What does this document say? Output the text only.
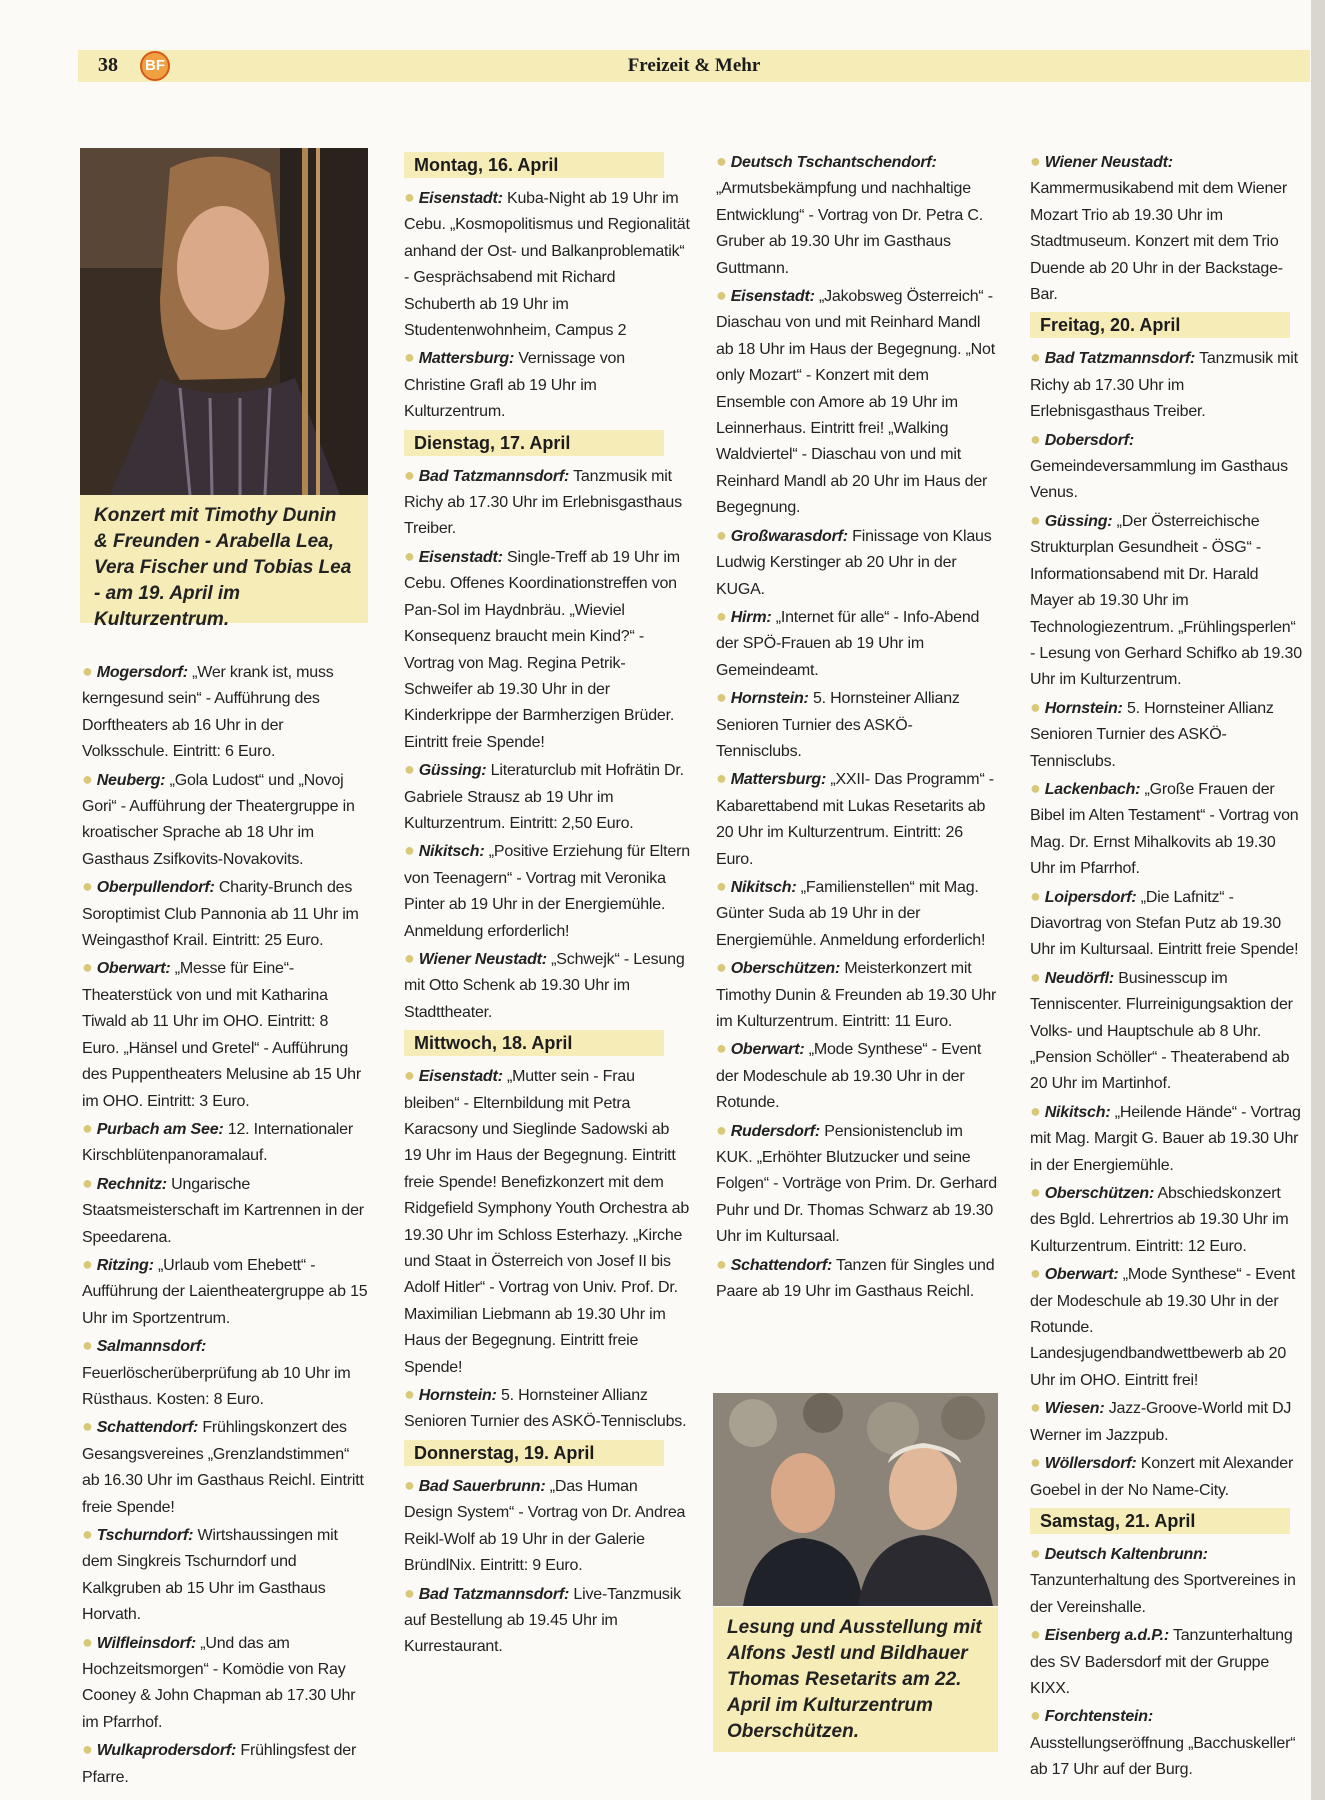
38	BF	Freizeit & Mehr
Konzert mit Timothy Dunin & Freunden - Arabella Lea, Vera Fischer und Tobias Lea - am 19. April im Kulturzentrum.
Lesung und Ausstellung mit Alfons Jestl und Bildhauer Thomas Resetarits am 22. April im Kulturzentrum Oberschützen.
● Mogersdorf: „Wer krank ist, muss kerngesund sein“ - Aufführung des Dorftheaters ab 16 Uhr in der Volksschule. Eintritt: 6 Euro.
● Neuberg: „Gola Ludost“ und „Novoj Gori“ - Aufführung der Theatergruppe in kroatischer Sprache ab 18 Uhr im Gasthaus Zsifkovits-Novakovits.
● Oberpullendorf: Charity-Brunch des Soroptimist Club Pannonia ab 11 Uhr im Weingasthof Krail. Eintritt: 25 Euro.
● Oberwart: „Messe für Eine“- Theaterstück von und mit Katharina Tiwald ab 11 Uhr im OHO. Eintritt: 8 Euro. „Hänsel und Gretel“ - Aufführung des Puppentheaters Melusine ab 15 Uhr im OHO. Eintritt: 3 Euro.
● Purbach am See: 12. Internationaler Kirschblütenpanoramalauf.
● Rechnitz: Ungarische Staatsmeisterschaft im Kartrennen in der Speedarena.
● Ritzing: „Urlaub vom Ehebett“ - Aufführung der Laientheatergruppe ab 15 Uhr im Sportzentrum.
● Salmannsdorf: Feuerlöscherüberprüfung ab 10 Uhr im Rüsthaus. Kosten: 8 Euro.
● Schattendorf: Frühlingskonzert des Gesangsvereines „Grenzlandstimmen“ ab 16.30 Uhr im Gasthaus Reichl. Eintritt freie Spende!
● Tschurndorf: Wirtshaussingen mit dem Singkreis Tschurndorf und Kalkgruben ab 15 Uhr im Gasthaus Horvath.
● Wilfleinsdorf: „Und das am Hochzeitsmorgen“ - Komödie von Ray Cooney & John Chapman ab 17.30 Uhr im Pfarrhof.
● Wulkaprodersdorf: Frühlingsfest der Pfarre.
Montag, 16. April
● Eisenstadt: Kuba-Night ab 19 Uhr im Cebu. „Kosmopolitismus und Regionalität anhand der Ost- und Balkanproblematik“ - Gesprächsabend mit Richard Schuberth ab 19 Uhr im Studentenwohnheim, Campus 2
● Mattersburg: Vernissage von Christine Grafl ab 19 Uhr im Kulturzentrum.
Dienstag, 17. April
● Bad Tatzmannsdorf: Tanzmusik mit Richy ab 17.30 Uhr im Erlebnisgasthaus Treiber.
● Eisenstadt: Single-Treff ab 19 Uhr im Cebu. Offenes Koordinationstreffen von Pan-Sol im Haydnbräu. „Wieviel Konsequenz braucht mein Kind?“ - Vortrag von Mag. Regina Petrik-Schweifer ab 19.30 Uhr in der Kinderkrippe der Barmherzigen Brüder. Eintritt freie Spende!
● Güssing: Literaturclub mit Hofrätin Dr. Gabriele Strausz ab 19 Uhr im Kulturzentrum. Eintritt: 2,50 Euro.
● Nikitsch: „Positive Erziehung für Eltern von Teenagern“ - Vortrag mit Veronika Pinter ab 19 Uhr in der Energiemühle. Anmeldung erforderlich!
● Wiener Neustadt: „Schwejk“ - Lesung mit Otto Schenk ab 19.30 Uhr im Stadttheater.
Mittwoch, 18. April
● Eisenstadt: „Mutter sein - Frau bleiben“ - Elternbildung mit Petra Karacsony und Sieglinde Sadowski ab 19 Uhr im Haus der Begegnung. Eintritt freie Spende! Benefizkonzert mit dem Ridgefield Symphony Youth Orchestra ab 19.30 Uhr im Schloss Esterhazy. „Kirche und Staat in Österreich von Josef II bis Adolf Hitler“ - Vortrag von Univ. Prof. Dr. Maximilian Liebmann ab 19.30 Uhr im Haus der Begegnung. Eintritt freie Spende!
● Hornstein: 5. Hornsteiner Allianz Senioren Turnier des ASKÖ-Tennisclubs.
Donnerstag, 19. April
● Bad Sauerbrunn: „Das Human Design System“ - Vortrag von Dr. Andrea Reikl-Wolf ab 19 Uhr in der Galerie BründlNix. Eintritt: 9 Euro.
● Bad Tatzmannsdorf: Live-Tanzmusik auf Bestellung ab 19.45 Uhr im Kurrestaurant.
● Deutsch Tschantschendorf: „Armutsbekämpfung und nachhaltige Entwicklung“ - Vortrag von Dr. Petra C. Gruber ab 19.30 Uhr im Gasthaus Guttmann.
● Eisenstadt: „Jakobsweg Österreich“ - Diaschau von und mit Reinhard Mandl ab 18 Uhr im Haus der Begegnung. „Not only Mozart“ - Konzert mit dem Ensemble con Amore ab 19 Uhr im Leinnerhaus. Eintritt frei! „Walking Waldviertel“ - Diaschau von und mit Reinhard Mandl ab 20 Uhr im Haus der Begegnung.
● Großwarasdorf: Finissage von Klaus Ludwig Kerstinger ab 20 Uhr in der KUGA.
● Hirm: „Internet für alle“ - Info-Abend der SPÖ-Frauen ab 19 Uhr im Gemeindeamt.
● Hornstein: 5. Hornsteiner Allianz Senioren Turnier des ASKÖ-Tennisclubs.
● Mattersburg: „XXII- Das Programm“ - Kabarettabend mit Lukas Resetarits ab 20 Uhr im Kulturzentrum. Eintritt: 26 Euro.
● Nikitsch: „Familienstellen“ mit Mag. Günter Suda ab 19 Uhr in der Energiemühle. Anmeldung erforderlich!
● Oberschützen: Meisterkonzert mit Timothy Dunin & Freunden ab 19.30 Uhr im Kulturzentrum. Eintritt: 11 Euro.
● Oberwart: „Mode Synthese“ - Event der Modeschule ab 19.30 Uhr in der Rotunde.
● Rudersdorf: Pensionistenclub im KUK. „Erhöhter Blutzucker und seine Folgen“ - Vorträge von Prim. Dr. Gerhard Puhr und Dr. Thomas Schwarz ab 19.30 Uhr im Kultursaal.
● Schattendorf: Tanzen für Singles und Paare ab 19 Uhr im Gasthaus Reichl.
● Wiener Neustadt: Kammermusikabend mit dem Wiener Mozart Trio ab 19.30 Uhr im Stadtmuseum. Konzert mit dem Trio Duende ab 20 Uhr in der Backstage-Bar.
Freitag, 20. April
● Bad Tatzmannsdorf: Tanzmusik mit Richy ab 17.30 Uhr im Erlebnisgasthaus Treiber.
● Dobersdorf: Gemeindeversammlung im Gasthaus Venus.
● Güssing: „Der Österreichische Strukturplan Gesundheit - ÖSG“ - Informationsabend mit Dr. Harald Mayer ab 19.30 Uhr im Technologiezentrum. „Frühlingsperlen“ - Lesung von Gerhard Schifko ab 19.30 Uhr im Kulturzentrum.
● Hornstein: 5. Hornsteiner Allianz Senioren Turnier des ASKÖ-Tennisclubs.
● Lackenbach: „Große Frauen der Bibel im Alten Testament“ - Vortrag von Mag. Dr. Ernst Mihalkovits ab 19.30 Uhr im Pfarrhof.
● Loipersdorf: „Die Lafnitz“ - Diavortrag von Stefan Putz ab 19.30 Uhr im Kultursaal. Eintritt freie Spende!
● Neudörfl: Businesscup im Tenniscenter. Flurreinigungsaktion der Volks- und Hauptschule ab 8 Uhr. „Pension Schöller“ - Theaterabend ab 20 Uhr im Martinhof.
● Nikitsch: „Heilende Hände“ - Vortrag mit Mag. Margit G. Bauer ab 19.30 Uhr in der Energiemühle.
● Oberschützen: Abschiedskonzert des Bgld. Lehrertrios ab 19.30 Uhr im Kulturzentrum. Eintritt: 12 Euro.
● Oberwart: „Mode Synthese“ - Event der Modeschule ab 19.30 Uhr in der Rotunde. Landesjugendbandwettbewerb ab 20 Uhr im OHO. Eintritt frei!
● Wiesen: Jazz-Groove-World mit DJ Werner im Jazzpub.
● Wöllersdorf: Konzert mit Alexander Goebel in der No Name-City.
Samstag, 21. April
● Deutsch Kaltenbrunn: Tanzunterhaltung des Sportvereines in der Vereinshalle.
● Eisenberg a.d.P.: Tanzunterhaltung des SV Badersdorf mit der Gruppe KIXX.
● Forchtenstein: Ausstellungseröffnung „Bacchuskeller“ ab 17 Uhr auf der Burg.
